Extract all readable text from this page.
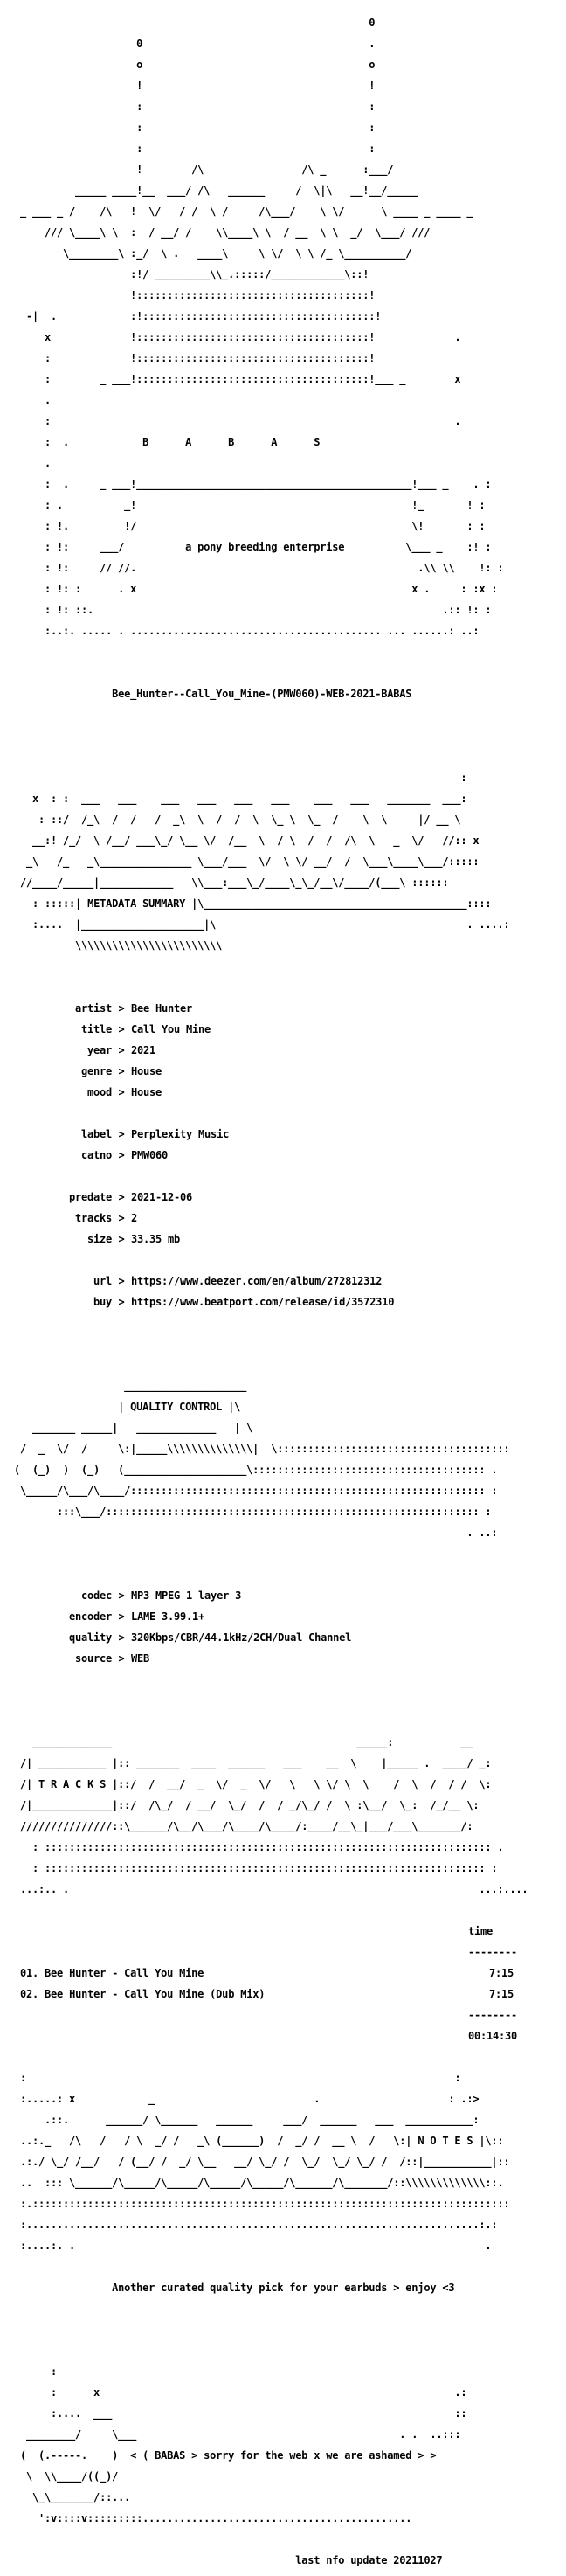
0

0                                     .

o                                     o

!                                     !

:                                     :

:                                     :

:                                     :

!        /\                /\ _      :___/

_____ ____!__  ___/ /\   ______     /  \|\   __!__/_____

_ ___ _ /    /\   !  \/   / /  \ /     /\___/    \ \/      \ ____ _ ____ _

/// \____\ \  :  / __/ /    \\____\ \  / __  \ \  _/  \___/ ///

\________\ :_/  \ .   ____\     \ \/  \ \ /_ \__________/

:!/ _________\\_.:::::/____________\::!

!::::::::::::::::::::::::::::::::::::::!

-|  .            :!::::::::::::::::::::::::::::::::::::::!

x             !::::::::::::::::::::::::::::::::::::::!             .

:             !::::::::::::::::::::::::::::::::::::::!

:        _ ___!::::::::::::::::::::::::::::::::::::::!___ _        x

.

:                                                                  .

:  .            B      A      B      A      S

.

:  .     _ ___!_____________________________________________!___ _    . :

: .          _!                                             !_       ! :

: !.         !/                                             \!       : :

: !:     ___/          a pony breeding enterprise          \___ _    :! :

: !:     // //.                                              .\\ \\    !: :

: !: :      . x                                             x .     : :x :

: !: ::.                                                         .:: !: :

:..:. ..... . ......................................... ... ......: ..:

Bee_Hunter--Call_You_Mine-(PMW060)-WEB-2021-BABAS

:

x  : :  ___   ___    ___   ___   ___   ___    ___   ___   _______  ___:

: ::/  /_\  /  /   /  _\  \  /  /  \  \_ \  \_  /    \  \     |/ __ \

__:! /_/  \ /__/ ___\_/ \__ \/  /__  \  / \  /  /  /\  \   _  \/   //:: x

_\   /_   _\_______________ \___/___  \/  \ \/ __/  /  \___\____\___/:::::

//____/_____|____________   \\___:___\_/____\_\_/__\/____/(___\ ::::::

: :::::| METADATA SUMMARY |\___________________________________________::::

:....  |____________________|\                                         . ....:

\\\\\\\\\\\\\\\\\\\\\\\\

artist > Bee Hunter

title > Call You Mine

year > 2021

genre > House

mood > House

label > Perplexity Music

catno > PMW060

predate > 2021-12-06

tracks > 2

size > 33.35 mb

url > https://www.deezer.com/en/album/272812312

buy > https://www.beatport.com/release/id/3572310

____________________

| QUALITY CONTROL |\

_______ _____|   _____________   | \

/  _  \/  /     \:|_____\\\\\\\\\\\\\\|  \::::::::::::::::::::::::::::::::::::::

(  (_)  )  (_)   (____________________\:::::::::::::::::::::::::::::::::::::: .

\_____/\___/\____/:::::::::::::::::::::::::::::::::::::::::::::::::::::::::: :

:::\___/::::::::::::::::::::::::::::::::::::::::::::::::::::::::::::: :

. ..:

codec > MP3 MPEG 1 layer 3

encoder > LAME 3.99.1+

quality > 320Kbps/CBR/44.1kHz/2CH/Dual Channel

source > WEB

_____________                                        _____:           __

/| ___________ |:: _______  ____  ______   ___    __  \    |_____ .  ____/ _:

/| T R A C K S |::/  /  __/  _  \/  _  \/   \   \ \/ \  \    /  \  /  / /  \:

/|_____________|::/  /\_/  / __/  \_/  /  / _/\_/ /  \ :\__/  \_:  /_/__ \:

///////////////::\______/\__/\___/\____/\____/:____/__\_|___/___\_______/:

: ::::::::::::::::::::::::::::::::::::::::::::::::::::::::::::::::::::::::: .

: :::::::::::::::::::::::::::::::::::::::::::::::::::::::::::::::::::::::: :

...:.. .                                                                   ...:....

time

--------

01. Bee Hunter - Call You Mine	7:15

02. Bee Hunter - Call You Mine (Dub Mix)	7:15

--------

00:14:30

:                                                                      :

:.....: x            _                          .                     : .:>

.::.      ______/ \______   ______     ___/  ______   ___  ___________:

..:._   /\   /   / \  _/ /   _\ (______)  /  _/ /  __ \  /   \:| N O T E S |\::

.:./ \_/ /__/   / (__/ /  _/ \__   __/ \_/ /  \_/  \_/ \_/ /  /::|___________|::

..  ::: \______/\_____/\_____/\_____/\_____/\______/\_______/::\\\\\\\\\\\\\::.

:.::::::::::::::::::::::::::::::::::::::::::::::::::::::::::::::::::::::::::::::

:..........................................................................:.:

:....:. .                                                                   .

Another curated quality pick for your earbuds > enjoy <3

:

:      x                                                          .:

:....  ___                                                        ::

________/     \___                                           . .  ..:::

(  (.-----.    )  < ( BABAS > sorry for the web x we are ashamed > >

\  \\____/((_)/

\_\_______/::...

':v::::v:::::::::............................................

last nfo update 20211027
